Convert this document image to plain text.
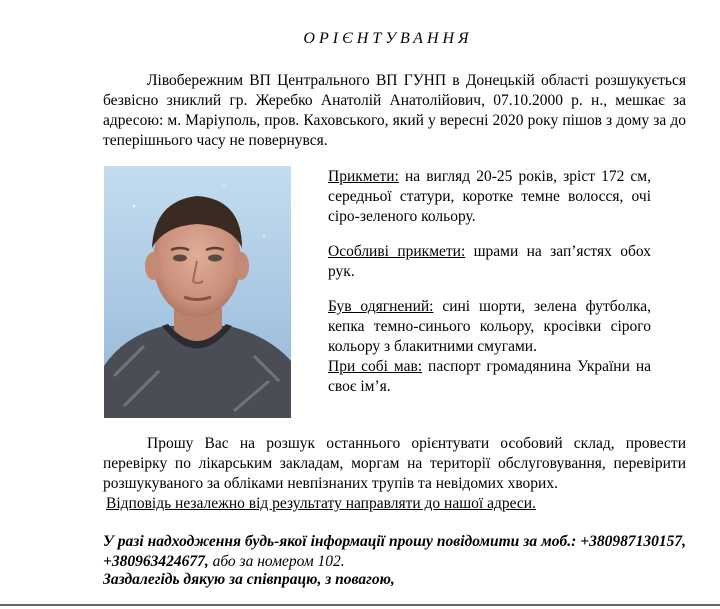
ОРІЄНТУВАННЯ
Лівобережним ВП Центрального ВП ГУНП в Донецькій області розшукується безвісно зниклий гр. Жеребко Анатолій Анатолійович, 07.10.2000 р. н., мешкає за адресою: м. Маріуполь, пров. Каховського, який у вересні 2020 року пішов з дому за до теперішнього часу не повернувся.

Прикмети: на вигляд 20-25 років, зріст 172 см, середньої статури, коротке темне волосся, очі сіро-зеленого кольору.

Особливі прикмети: шрами на зап’ястях обох рук.

Був одягнений: сині шорти, зелена футболка, кепка темно-синього кольору, кросівки сірого кольору з блакитними смугами.

При собі мав: паспорт громадянина України на своє ім’я.

Прошу Вас на розшук останнього орієнтувати особовий склад, провести перевірку по лікарським закладам, моргам на території обслуговування, перевірити розшукуваного за обліками невпізнаних трупів та невідомих хворих.
Відповідь незалежно від результату направляти до нашої адреси.
У разі надходження будь-якої інформації прошу повідомити за моб.: +380987130157, +380963424677, або за номером 102.
Заздалегідь дякую за співпрацю, з повагою,
